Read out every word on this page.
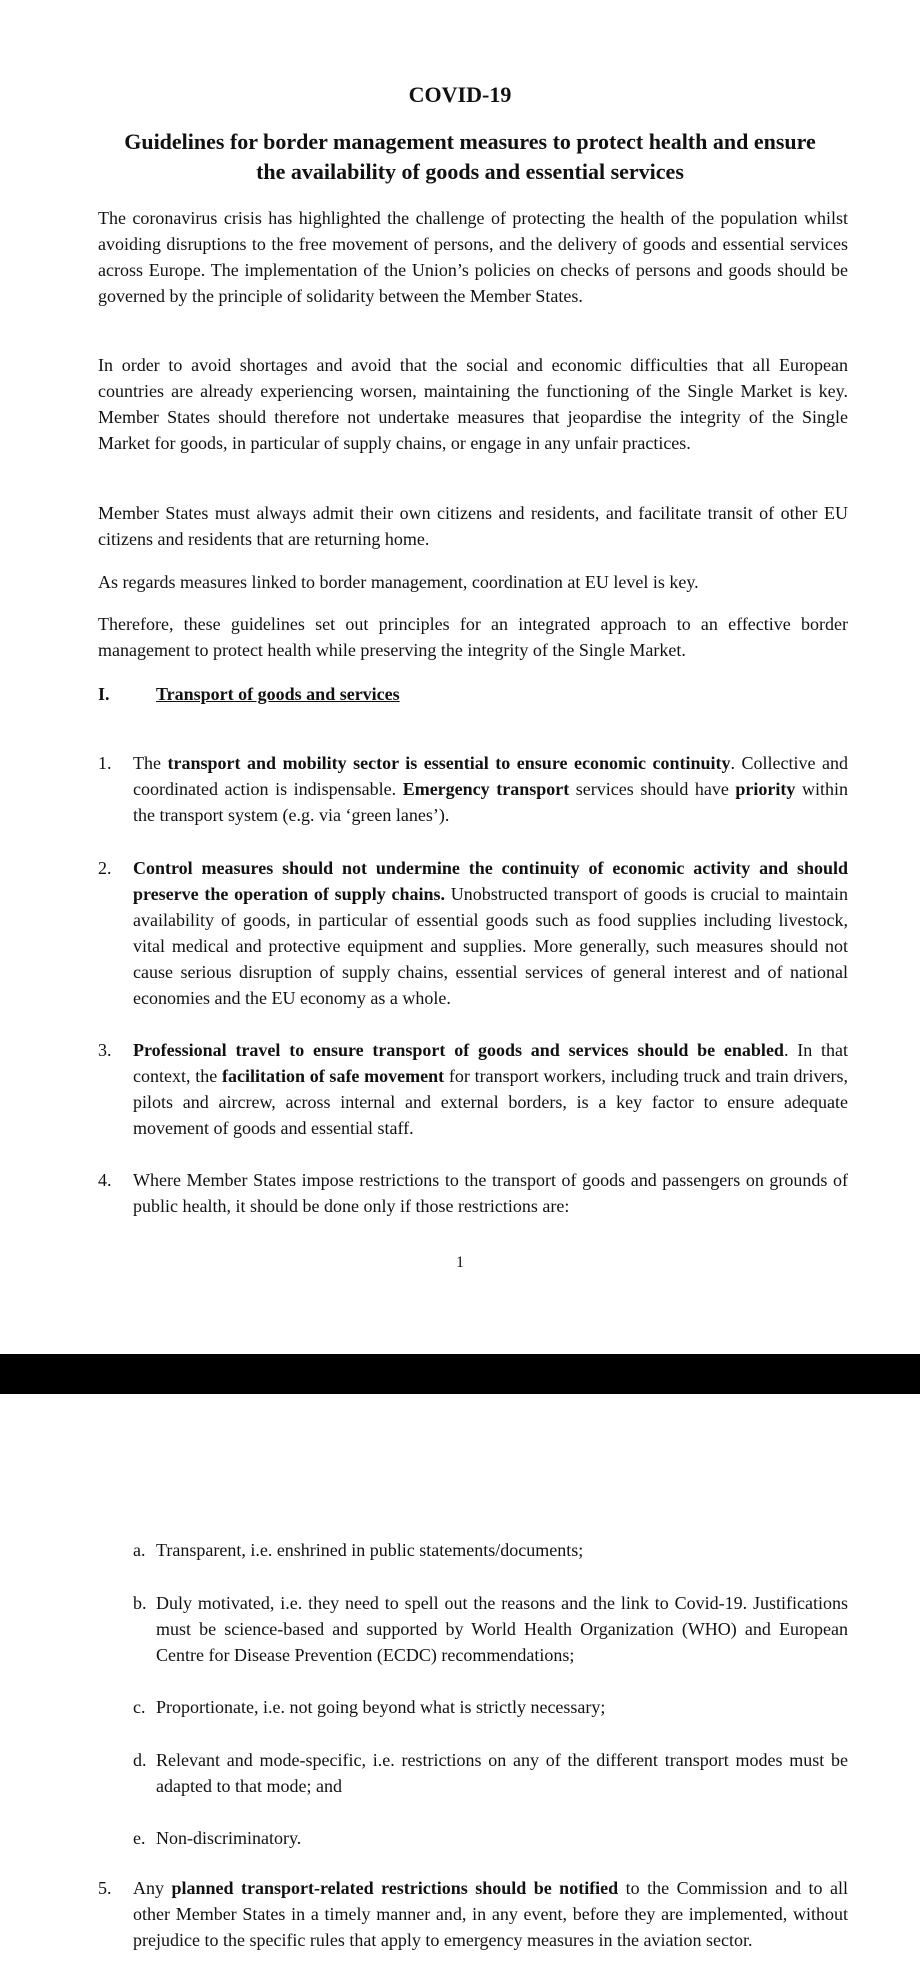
COVID-19
Guidelines for border management measures to protect health and ensure
the availability of goods and essential services

The coronavirus crisis has highlighted the challenge of protecting the health of the population whilst avoiding disruptions to the free movement of persons, and the delivery of goods and essential services across Europe. The implementation of the Union’s policies on checks of persons and goods should be governed by the principle of solidarity between the Member States.

In order to avoid shortages and avoid that the social and economic difficulties that all European countries are already experiencing worsen, maintaining the functioning of the Single Market is key. Member States should therefore not undertake measures that jeopardise the integrity of the Single Market for goods, in particular of supply chains, or engage in any unfair practices.

Member States must always admit their own citizens and residents, and facilitate transit of other EU citizens and residents that are returning home.

As regards measures linked to border management, coordination at EU level is key.

Therefore, these guidelines set out principles for an integrated approach to an effective border management to protect health while preserving the integrity of the Single Market.

I.	Transport of goods and services
1. The transport and mobility sector is essential to ensure economic continuity. Collective and coordinated action is indispensable. Emergency transport services should have priority within the transport system (e.g. via ‘green lanes’).
2. Control measures should not undermine the continuity of economic activity and should preserve the operation of supply chains. Unobstructed transport of goods is crucial to maintain availability of goods, in particular of essential goods such as food supplies including livestock, vital medical and protective equipment and supplies. More generally, such measures should not cause serious disruption of supply chains, essential services of general interest and of national economies and the EU economy as a whole.
3. Professional travel to ensure transport of goods and services should be enabled. In that context, the facilitation of safe movement for transport workers, including truck and train drivers, pilots and aircrew, across internal and external borders, is a key factor to ensure adequate movement of goods and essential staff.
4. Where Member States impose restrictions to the transport of goods and passengers on grounds of public health, it should be done only if those restrictions are:
1
a. Transparent, i.e. enshrined in public statements/documents;
b. Duly motivated, i.e. they need to spell out the reasons and the link to Covid-19. Justifications must be science-based and supported by World Health Organization (WHO) and European Centre for Disease Prevention (ECDC) recommendations;
c. Proportionate, i.e. not going beyond what is strictly necessary;
d. Relevant and mode-specific, i.e. restrictions on any of the different transport modes must be adapted to that mode; and
e. Non-discriminatory.
5. Any planned transport-related restrictions should be notified to the Commission and to all other Member States in a timely manner and, in any event, before they are implemented, without prejudice to the specific rules that apply to emergency measures in the aviation sector.
